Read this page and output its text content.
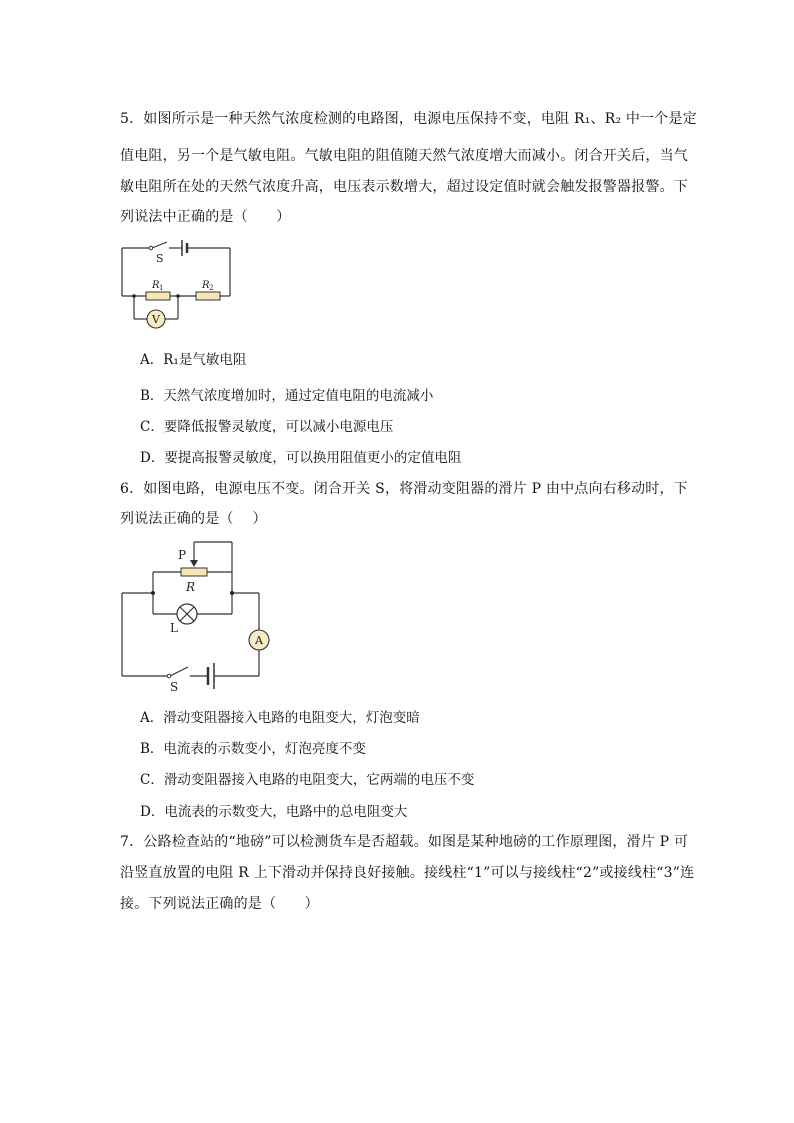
5．如图所示是一种天然气浓度检测的电路图，电源电压保持不变，电阻 R₁、R₂ 中一个是定
值电阻，另一个是气敏电阻。气敏电阻的阻值随天然气浓度增大而减小。闭合开关后，当气
敏电阻所在处的天然气浓度升高，电压表示数增大，超过设定值时就会触发报警器报警。下
列说法中正确的是（　　）
V
S
R 1	R 2
A．R₁是气敏电阻
B．天然气浓度增加时，通过定值电阻的电流减小
C．要降低报警灵敏度，可以减小电源电压
D．要提高报警灵敏度，可以换用阻值更小的定值电阻
6．如图电路，电源电压不变。闭合开关 S，将滑动变阻器的滑片 P 由中点向右移动时，下
列说法正确的是（　 ）
A
P
R
L
S
A．滑动变阻器接入电路的电阻变大，灯泡变暗
B．电流表的示数变小，灯泡亮度不变
C．滑动变阻器接入电路的电阻变大，它两端的电压不变
D．电流表的示数变大，电路中的总电阻变大
7．公路检查站的“地磅”可以检测货车是否超载。如图是某种地磅的工作原理图，滑片 P 可
沿竖直放置的电阻 R 上下滑动并保持良好接触。接线柱“1”可以与接线柱“2”或接线柱“3”连
接。下列说法正确的是（　　）
